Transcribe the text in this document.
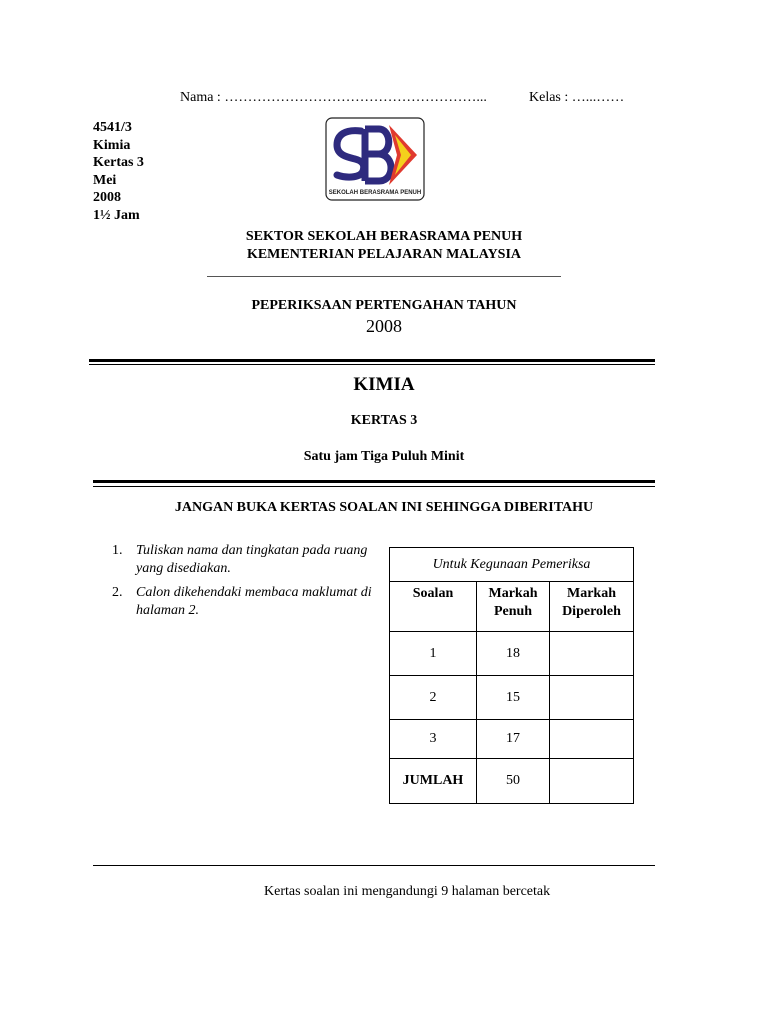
Nama : ………………………………………………...	Kelas : …...……
4541/3
Kimia
Kertas 3
Mei
2008
1½ Jam
SEKOLAH BERASRAMA PENUH
SEKTOR SEKOLAH BERASRAMA PENUH
KEMENTERIAN PELAJARAN MALAYSIA
PEPERIKSAAN PERTENGAHAN TAHUN
2008
KIMIA
KERTAS 3
Satu jam Tiga Puluh Minit
JANGAN BUKA KERTAS SOALAN INI SEHINGGA DIBERITAHU
1. Tuliskan nama dan tingkatan pada ruang yang disediakan.
2. Calon dikehendaki membaca maklumat di halaman 2.
Untuk Kegunaan Pemeriksa		
Soalan	Markah Penuh	Markah Diperoleh
1	18	
2	15	
3	17	
JUMLAH	50	
Kertas soalan ini mengandungi 9 halaman bercetak
